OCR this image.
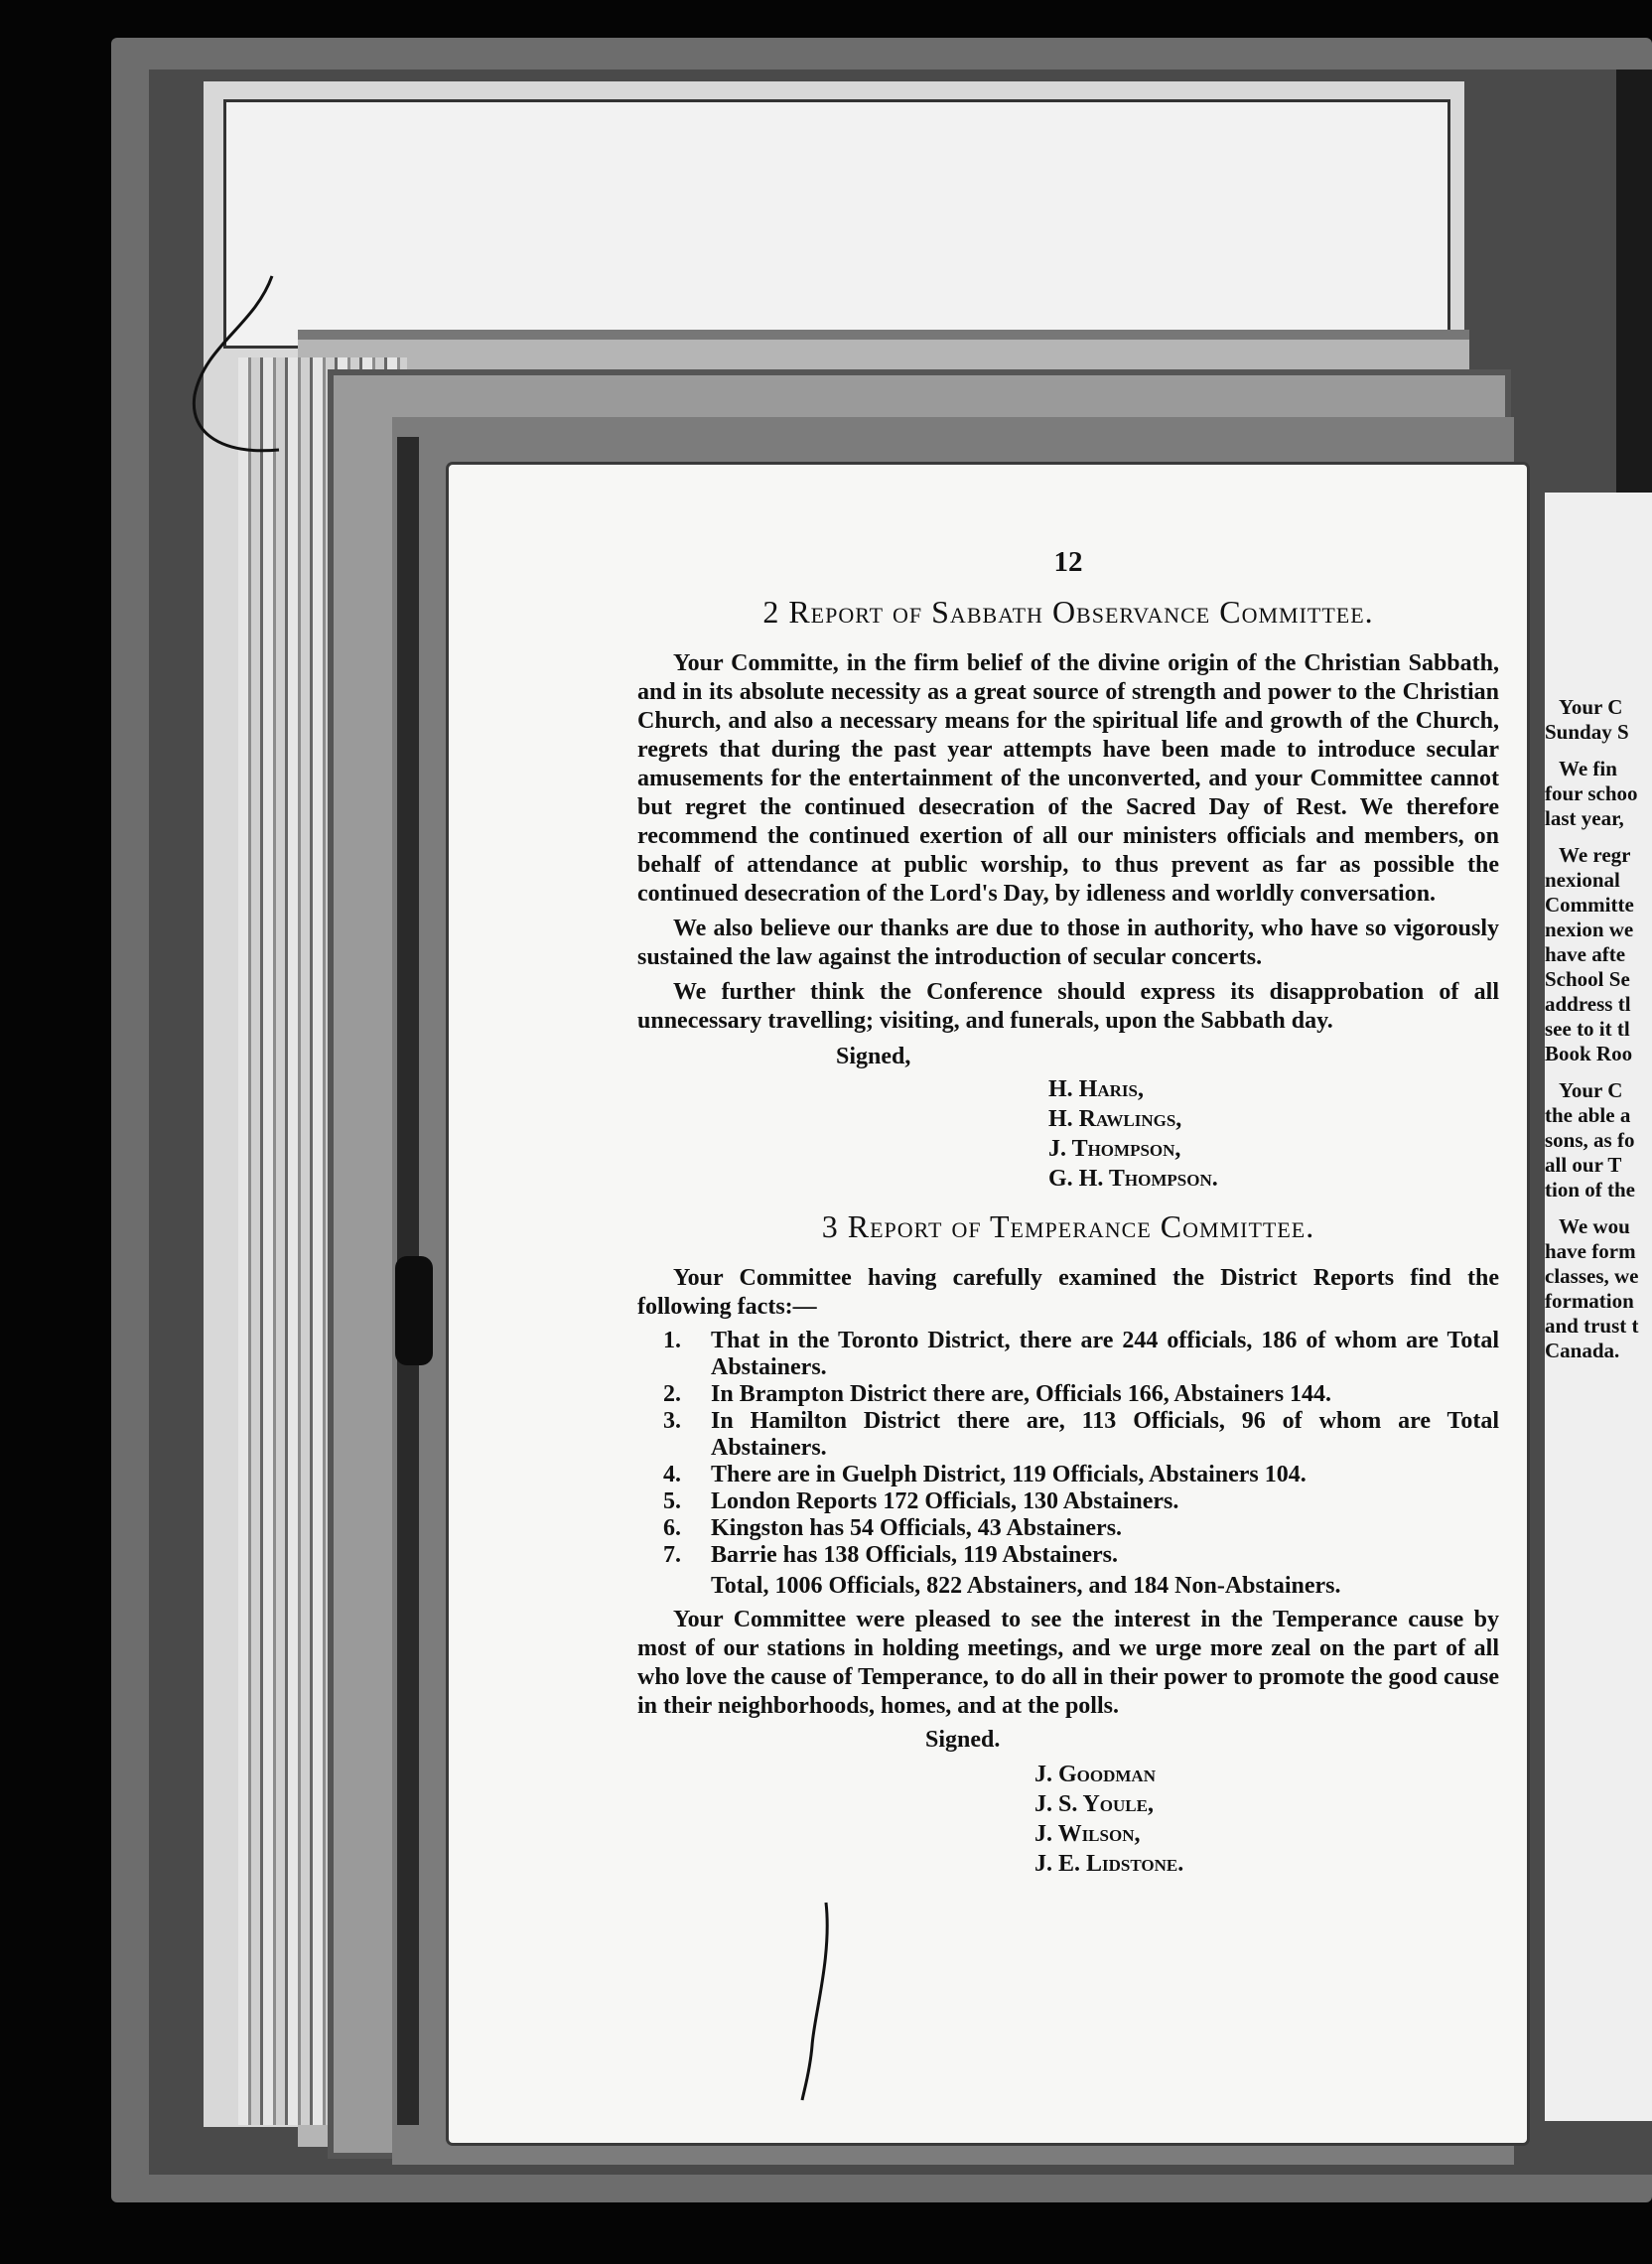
12
2 Report of Sabbath Observance Committee.

Your Committe, in the firm belief of the divine origin of the Christian Sabbath, and in its absolute necessity as a great source of strength and power to the Christian Church, and also a necessary means for the spiritual life and growth of the Church, regrets that during the past year attempts have been made to introduce secular amusements for the entertainment of the unconverted, and your Committee cannot but regret the continued desecration of the Sacred Day of Rest. We therefore recommend the continued exertion of all our ministers officials and members, on behalf of attendance at public worship, to thus prevent as far as possible the continued desecration of the Lord's Day, by idleness and worldly conversation.

We also believe our thanks are due to those in authority, who have so vigorously sustained the law against the introduction of secular concerts.

We further think the Conference should express its disapprobation of all unnecessary travelling; visiting, and funerals, upon the Sabbath day.

Signed,
H. Haris,
H. Rawlings,
J. Thompson,
G. H. Thompson.
3 Report of Temperance Committee.

Your Committee having carefully examined the District Reports find the following facts:—

1. That in the Toronto District, there are 244 officials, 186 of whom are Total Abstainers.
2. In Brampton District there are, Officials 166, Abstainers 144.
3. In Hamilton District there are, 113 Officials, 96 of whom are Total Abstainers.
4. There are in Guelph District, 119 Officials, Abstainers 104.
5. London Reports 172 Officials, 130 Abstainers.
6. Kingston has 54 Officials, 43 Abstainers.
7. Barrie has 138 Officials, 119 Abstainers.
Total, 1006 Officials, 822 Abstainers, and 184 Non-Abstainers.

Your Committee were pleased to see the interest in the Temperance cause by most of our stations in holding meetings, and we urge more zeal on the part of all who love the cause of Temperance, to do all in their power to promote the good cause in their neighborhoods, homes, and at the polls.

Signed.
J. Goodman
J. S. Youle,
J. Wilson,
J. E. Lidstone.
Your C
Sunday S
We fin
four schoo
last year,
We regr
nexional
Committe
nexion we
have afte
School Se
address tl
see to it tl
Book Roo
Your C
the able a
sons, as fo
all our T
tion of the
We wou
have form
classes, we
formation
and trust t
Canada.
